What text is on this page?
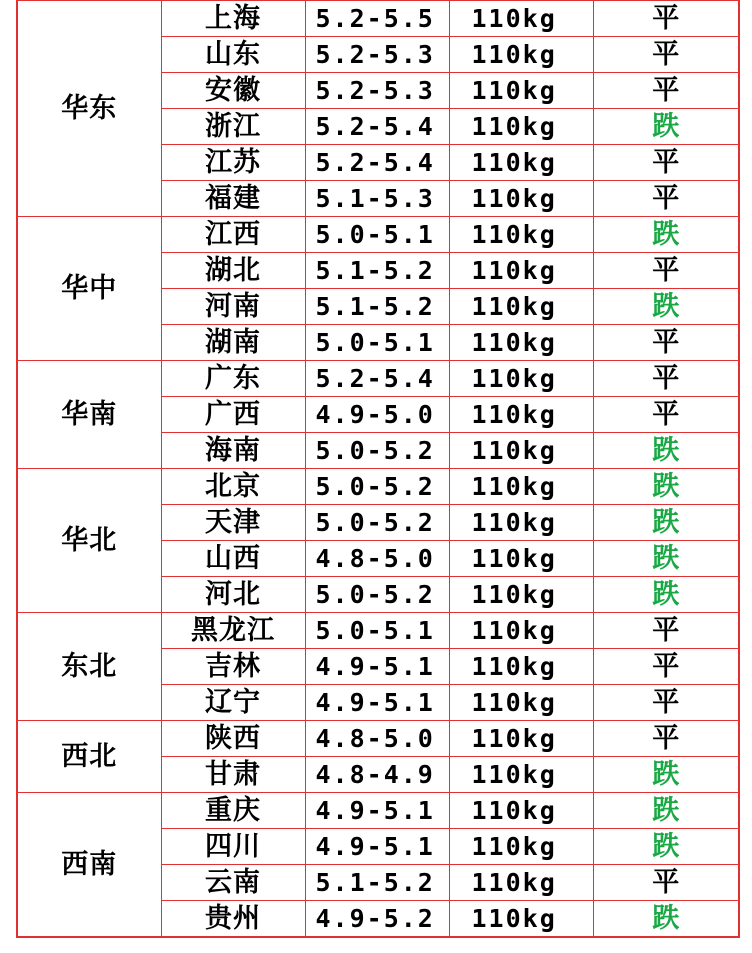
华东	上海	5.2-5.5	110kg	平
	山东	5.2-5.3	110kg	平
	安徽	5.2-5.3	110kg	平
	浙江	5.2-5.4	110kg	跌
	江苏	5.2-5.4	110kg	平
	福建	5.1-5.3	110kg	平
华中	江西	5.0-5.1	110kg	跌
	湖北	5.1-5.2	110kg	平
	河南	5.1-5.2	110kg	跌
	湖南	5.0-5.1	110kg	平
华南	广东	5.2-5.4	110kg	平
	广西	4.9-5.0	110kg	平
	海南	5.0-5.2	110kg	跌
华北	北京	5.0-5.2	110kg	跌
	天津	5.0-5.2	110kg	跌
	山西	4.8-5.0	110kg	跌
	河北	5.0-5.2	110kg	跌
东北	黑龙江	5.0-5.1	110kg	平
	吉林	4.9-5.1	110kg	平
	辽宁	4.9-5.1	110kg	平
西北	陕西	4.8-5.0	110kg	平
	甘肃	4.8-4.9	110kg	跌
西南	重庆	4.9-5.1	110kg	跌
	四川	4.9-5.1	110kg	跌
	云南	5.1-5.2	110kg	平
	贵州	4.9-5.2	110kg	跌
